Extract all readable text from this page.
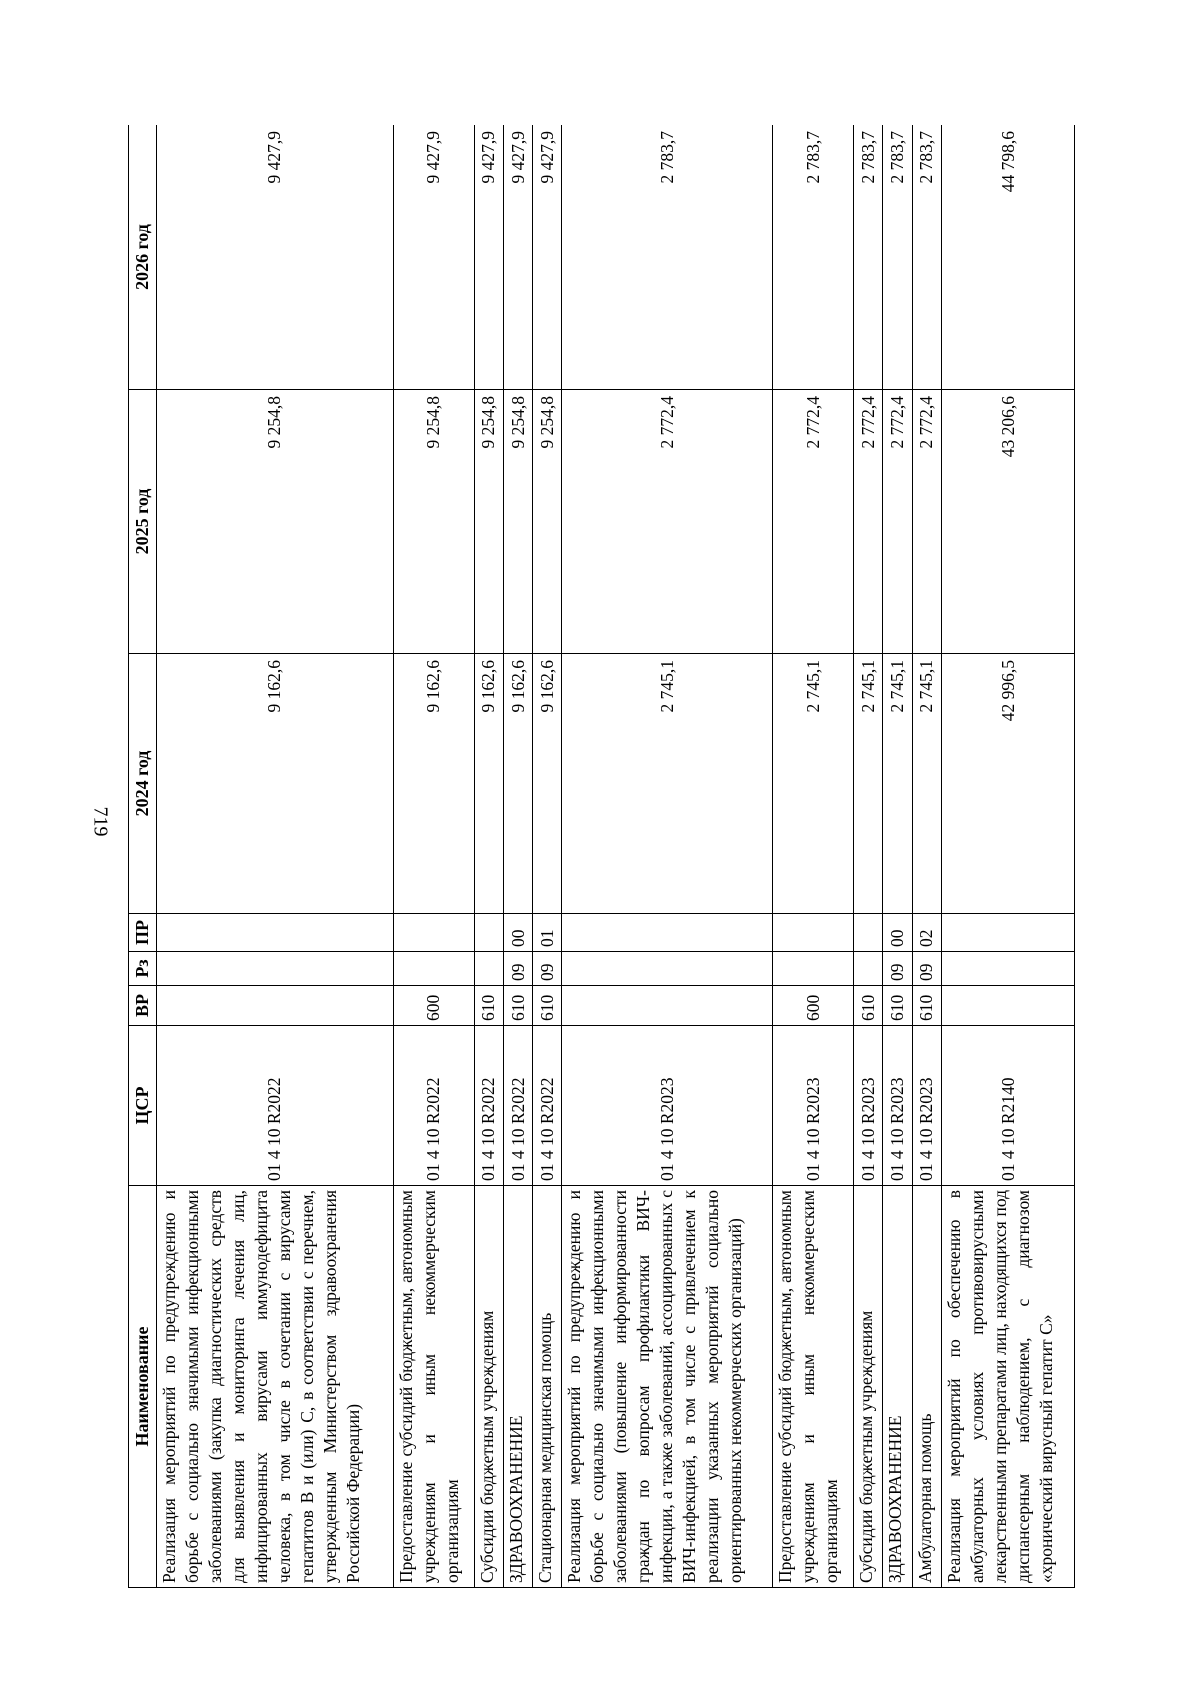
719
Наименование	ЦСР	ВР	Рз	ПР	2024 год	2025 год	2026 год
Реализация мероприятий по предупреждению и борьбе с социально значимыми инфекционными заболеваниями (закупка диагностических средств для выявления и мониторинга лечения лиц, инфицированных вирусами иммунодефицита человека, в том числе в сочетании с вирусами гепатитов B и (или) C, в соответствии с перечнем, утвержденным Министерством здравоохранения Российской Федерации)	01 4 10 R2022				9 162,6	9 254,8	9 427,9
Предоставление субсидий бюджетным, автономным учреждениям и иным некоммерческим организациям	01 4 10 R2022	600			9 162,6	9 254,8	9 427,9
Субсидии бюджетным учреждениям	01 4 10 R2022	610			9 162,6	9 254,8	9 427,9
ЗДРАВООХРАНЕНИЕ	01 4 10 R2022	610	09	00	9 162,6	9 254,8	9 427,9
Стационарная медицинская помощь	01 4 10 R2022	610	09	01	9 162,6	9 254,8	9 427,9
Реализация мероприятий по предупреждению и борьбе с социально значимыми инфекционными заболеваниями (повышение информированности граждан по вопросам профилактики ВИЧ-инфекции, а также заболеваний, ассоциированных с ВИЧ-инфекцией, в том числе с привлечением к реализации указанных мероприятий социально ориентированных некоммерческих организаций)	01 4 10 R2023				2 745,1	2 772,4	2 783,7
Предоставление субсидий бюджетным, автономным учреждениям и иным некоммерческим организациям	01 4 10 R2023	600			2 745,1	2 772,4	2 783,7
Субсидии бюджетным учреждениям	01 4 10 R2023	610			2 745,1	2 772,4	2 783,7
ЗДРАВООХРАНЕНИЕ	01 4 10 R2023	610	09	00	2 745,1	2 772,4	2 783,7
Амбулаторная помощь	01 4 10 R2023	610	09	02	2 745,1	2 772,4	2 783,7
Реализация мероприятий по обеспечению в амбулаторных условиях противовирусными лекарственными препаратами лиц, находящихся под диспансерным наблюдением, с диагнозом «хронический вирусный гепатит С»	01 4 10 R2140				42 996,5	43 206,6	44 798,6
